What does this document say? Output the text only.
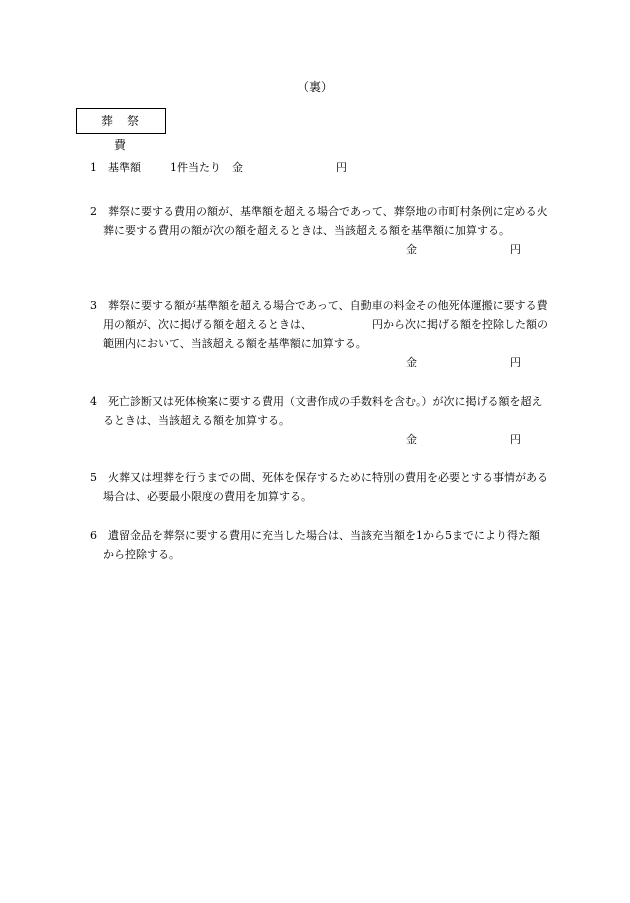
（裏）
葬祭費
1 基準額	1件当たり 金	円
2 葬祭に要する費用の額が、基準額を超える場合であって、葬祭地の市町村条例に定める火葬に要する費用の額が次の額を超えるときは、当該超える額を基準額に加算する。
金	円
3 葬祭に要する額が基準額を超える場合であって、自動車の料金その他死体運搬に要する費用の額が、次に掲げる額を超えるときは、	円から次に掲げる額を控除した額の範囲内において、当該超える額を基準額に加算する。
金	円
4 死亡診断又は死体検案に要する費用（文書作成の手数料を含む。）が次に掲げる額を超えるときは、当該超える額を加算する。
金	円
5 火葬又は埋葬を行うまでの間、死体を保存するために特別の費用を必要とする事情がある場合は、必要最小限度の費用を加算する。
6 遺留金品を葬祭に要する費用に充当した場合は、当該充当額を1から5までにより得た額から控除する。
